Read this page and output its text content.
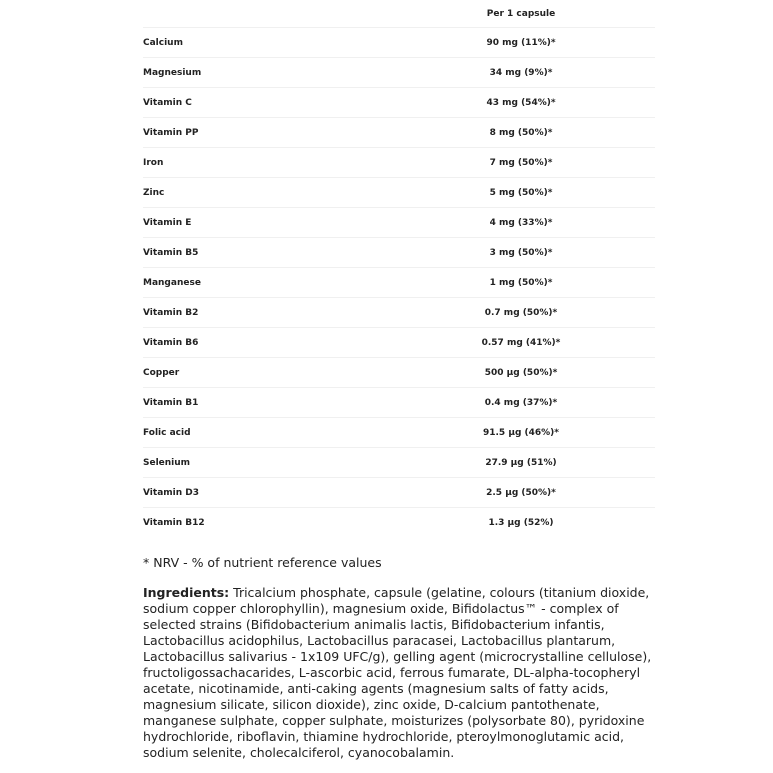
	Per 1 capsule	
Calcium	90 mg (11%)*	
Magnesium	34 mg (9%)*	
Vitamin C	43 mg (54%)*	
Vitamin PP	8 mg (50%)*	
Iron	7 mg (50%)*	
Zinc	5 mg (50%)*	
Vitamin E	4 mg (33%)*	
Vitamin B5	3 mg (50%)*	
Manganese	1 mg (50%)*	
Vitamin B2	0.7 mg (50%)*	
Vitamin B6	0.57 mg (41%)*	
Copper	500 µg (50%)*	
Vitamin B1	0.4 mg (37%)*	
Folic acid	91.5 µg (46%)*	
Selenium	27.9 µg (51%)	
Vitamin D3	2.5 µg (50%)*	
Vitamin B12	1.3 µg (52%)	
* NRV - % of nutrient reference values
Ingredients: Tricalcium phosphate, capsule (gelatine, colours (titanium dioxide, sodium copper chlorophyllin), magnesium oxide, Bifidolactus™ - complex of selected strains (Bifidobacterium animalis lactis, Bifidobacterium infantis, Lactobacillus acidophilus, Lactobacillus paracasei, Lactobacillus plantarum, Lactobacillus salivarius - 1x109 UFC/g), gelling agent (microcrystalline cellulose), fructoligossachacarides, L-ascorbic acid, ferrous fumarate, DL-alpha-tocopheryl acetate, nicotinamide, anti-caking agents (magnesium salts of fatty acids, magnesium silicate, silicon dioxide), zinc oxide, D-calcium pantothenate, manganese sulphate, copper sulphate, moisturizes (polysorbate 80), pyridoxine hydrochloride, riboflavin, thiamine hydrochloride, pteroylmonoglutamic acid, sodium selenite, cholecalciferol, cyanocobalamin.
